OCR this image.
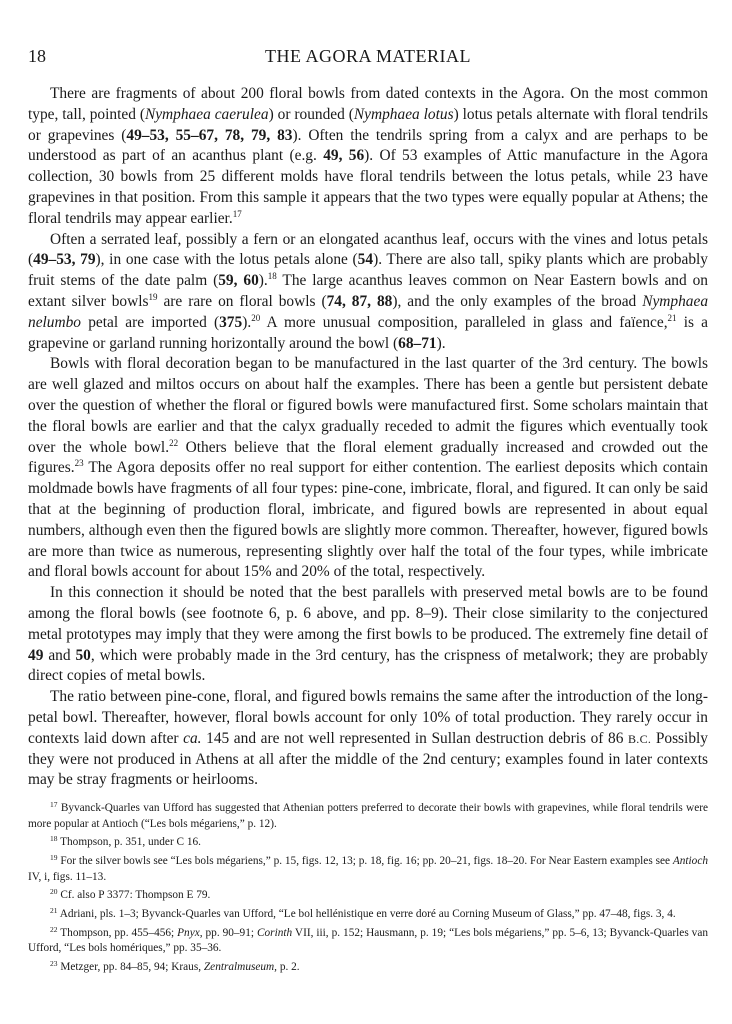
18	THE AGORA MATERIAL

There are fragments of about 200 floral bowls from dated contexts in the Agora. On the most common type, tall, pointed (Nymphaea caerulea) or rounded (Nymphaea lotus) lotus petals alternate with floral tendrils or grapevines (49–53, 55–67, 78, 79, 83). Often the tendrils spring from a calyx and are perhaps to be understood as part of an acanthus plant (e.g. 49, 56). Of 53 examples of Attic manufacture in the Agora collection, 30 bowls from 25 different molds have floral tendrils between the lotus petals, while 23 have grapevines in that position. From this sample it appears that the two types were equally popular at Athens; the floral tendrils may appear earlier.$^{17}$

Often a serrated leaf, possibly a fern or an elongated acanthus leaf, occurs with the vines and lotus petals (49–53, 79), in one case with the lotus petals alone (54). There are also tall, spiky plants which are probably fruit stems of the date palm (59, 60).$^{18}$ The large acanthus leaves common on Near Eastern bowls and on extant silver bowls$^{19}$ are rare on floral bowls (74, 87, 88), and the only examples of the broad Nymphaea nelumbo petal are imported (375).$^{20}$ A more unusual composition, paralleled in glass and faïence,$^{21}$ is a grapevine or garland running horizontally around the bowl (68–71).

Bowls with floral decoration began to be manufactured in the last quarter of the 3rd century. The bowls are well glazed and miltos occurs on about half the examples. There has been a gentle but persistent debate over the question of whether the floral or figured bowls were manufactured first. Some scholars maintain that the floral bowls are earlier and that the calyx gradually receded to admit the figures which eventually took over the whole bowl.$^{22}$ Others believe that the floral element gradually increased and crowded out the figures.$^{23}$ The Agora deposits offer no real support for either contention. The earliest deposits which contain moldmade bowls have fragments of all four types: pine-cone, imbricate, floral, and figured. It can only be said that at the beginning of production floral, imbricate, and figured bowls are represented in about equal numbers, although even then the figured bowls are slightly more common. Thereafter, however, figured bowls are more than twice as numerous, representing slightly over half the total of the four types, while imbricate and floral bowls account for about 15% and 20% of the total, respectively.

In this connection it should be noted that the best parallels with preserved metal bowls are to be found among the floral bowls (see footnote 6, p. 6 above, and pp. 8–9). Their close similarity to the conjectured metal prototypes may imply that they were among the first bowls to be produced. The extremely fine detail of 49 and 50, which were probably made in the 3rd century, has the crispness of metalwork; they are probably direct copies of metal bowls.

The ratio between pine-cone, floral, and figured bowls remains the same after the introduction of the long-petal bowl. Thereafter, however, floral bowls account for only 10% of total production. They rarely occur in contexts laid down after ca. 145 and are not well represented in Sullan destruction debris of 86 B.C. Possibly they were not produced in Athens at all after the middle of the 2nd century; examples found in later contexts may be stray fragments or heirlooms.

$^{17}$ Byvanck-Quarles van Ufford has suggested that Athenian potters preferred to decorate their bowls with grapevines, while floral tendrils were more popular at Antioch (“Les bols mégariens,” p. 12).

$^{18}$ Thompson, p. 351, under C 16.

$^{19}$ For the silver bowls see “Les bols mégariens,” p. 15, figs. 12, 13; p. 18, fig. 16; pp. 20–21, figs. 18–20. For Near Eastern examples see Antioch IV, i, figs. 11–13.

$^{20}$ Cf. also P 3377: Thompson E 79.

$^{21}$ Adriani, pls. 1–3; Byvanck-Quarles van Ufford, “Le bol hellénistique en verre doré au Corning Museum of Glass,” pp. 47–48, figs. 3, 4.

$^{22}$ Thompson, pp. 455–456; Pnyx, pp. 90–91; Corinth VII, iii, p. 152; Hausmann, p. 19; “Les bols mégariens,” pp. 5–6, 13; Byvanck-Quarles van Ufford, “Les bols homériques,” pp. 35–36.

$^{23}$ Metzger, pp. 84–85, 94; Kraus, Zentralmuseum, p. 2.
